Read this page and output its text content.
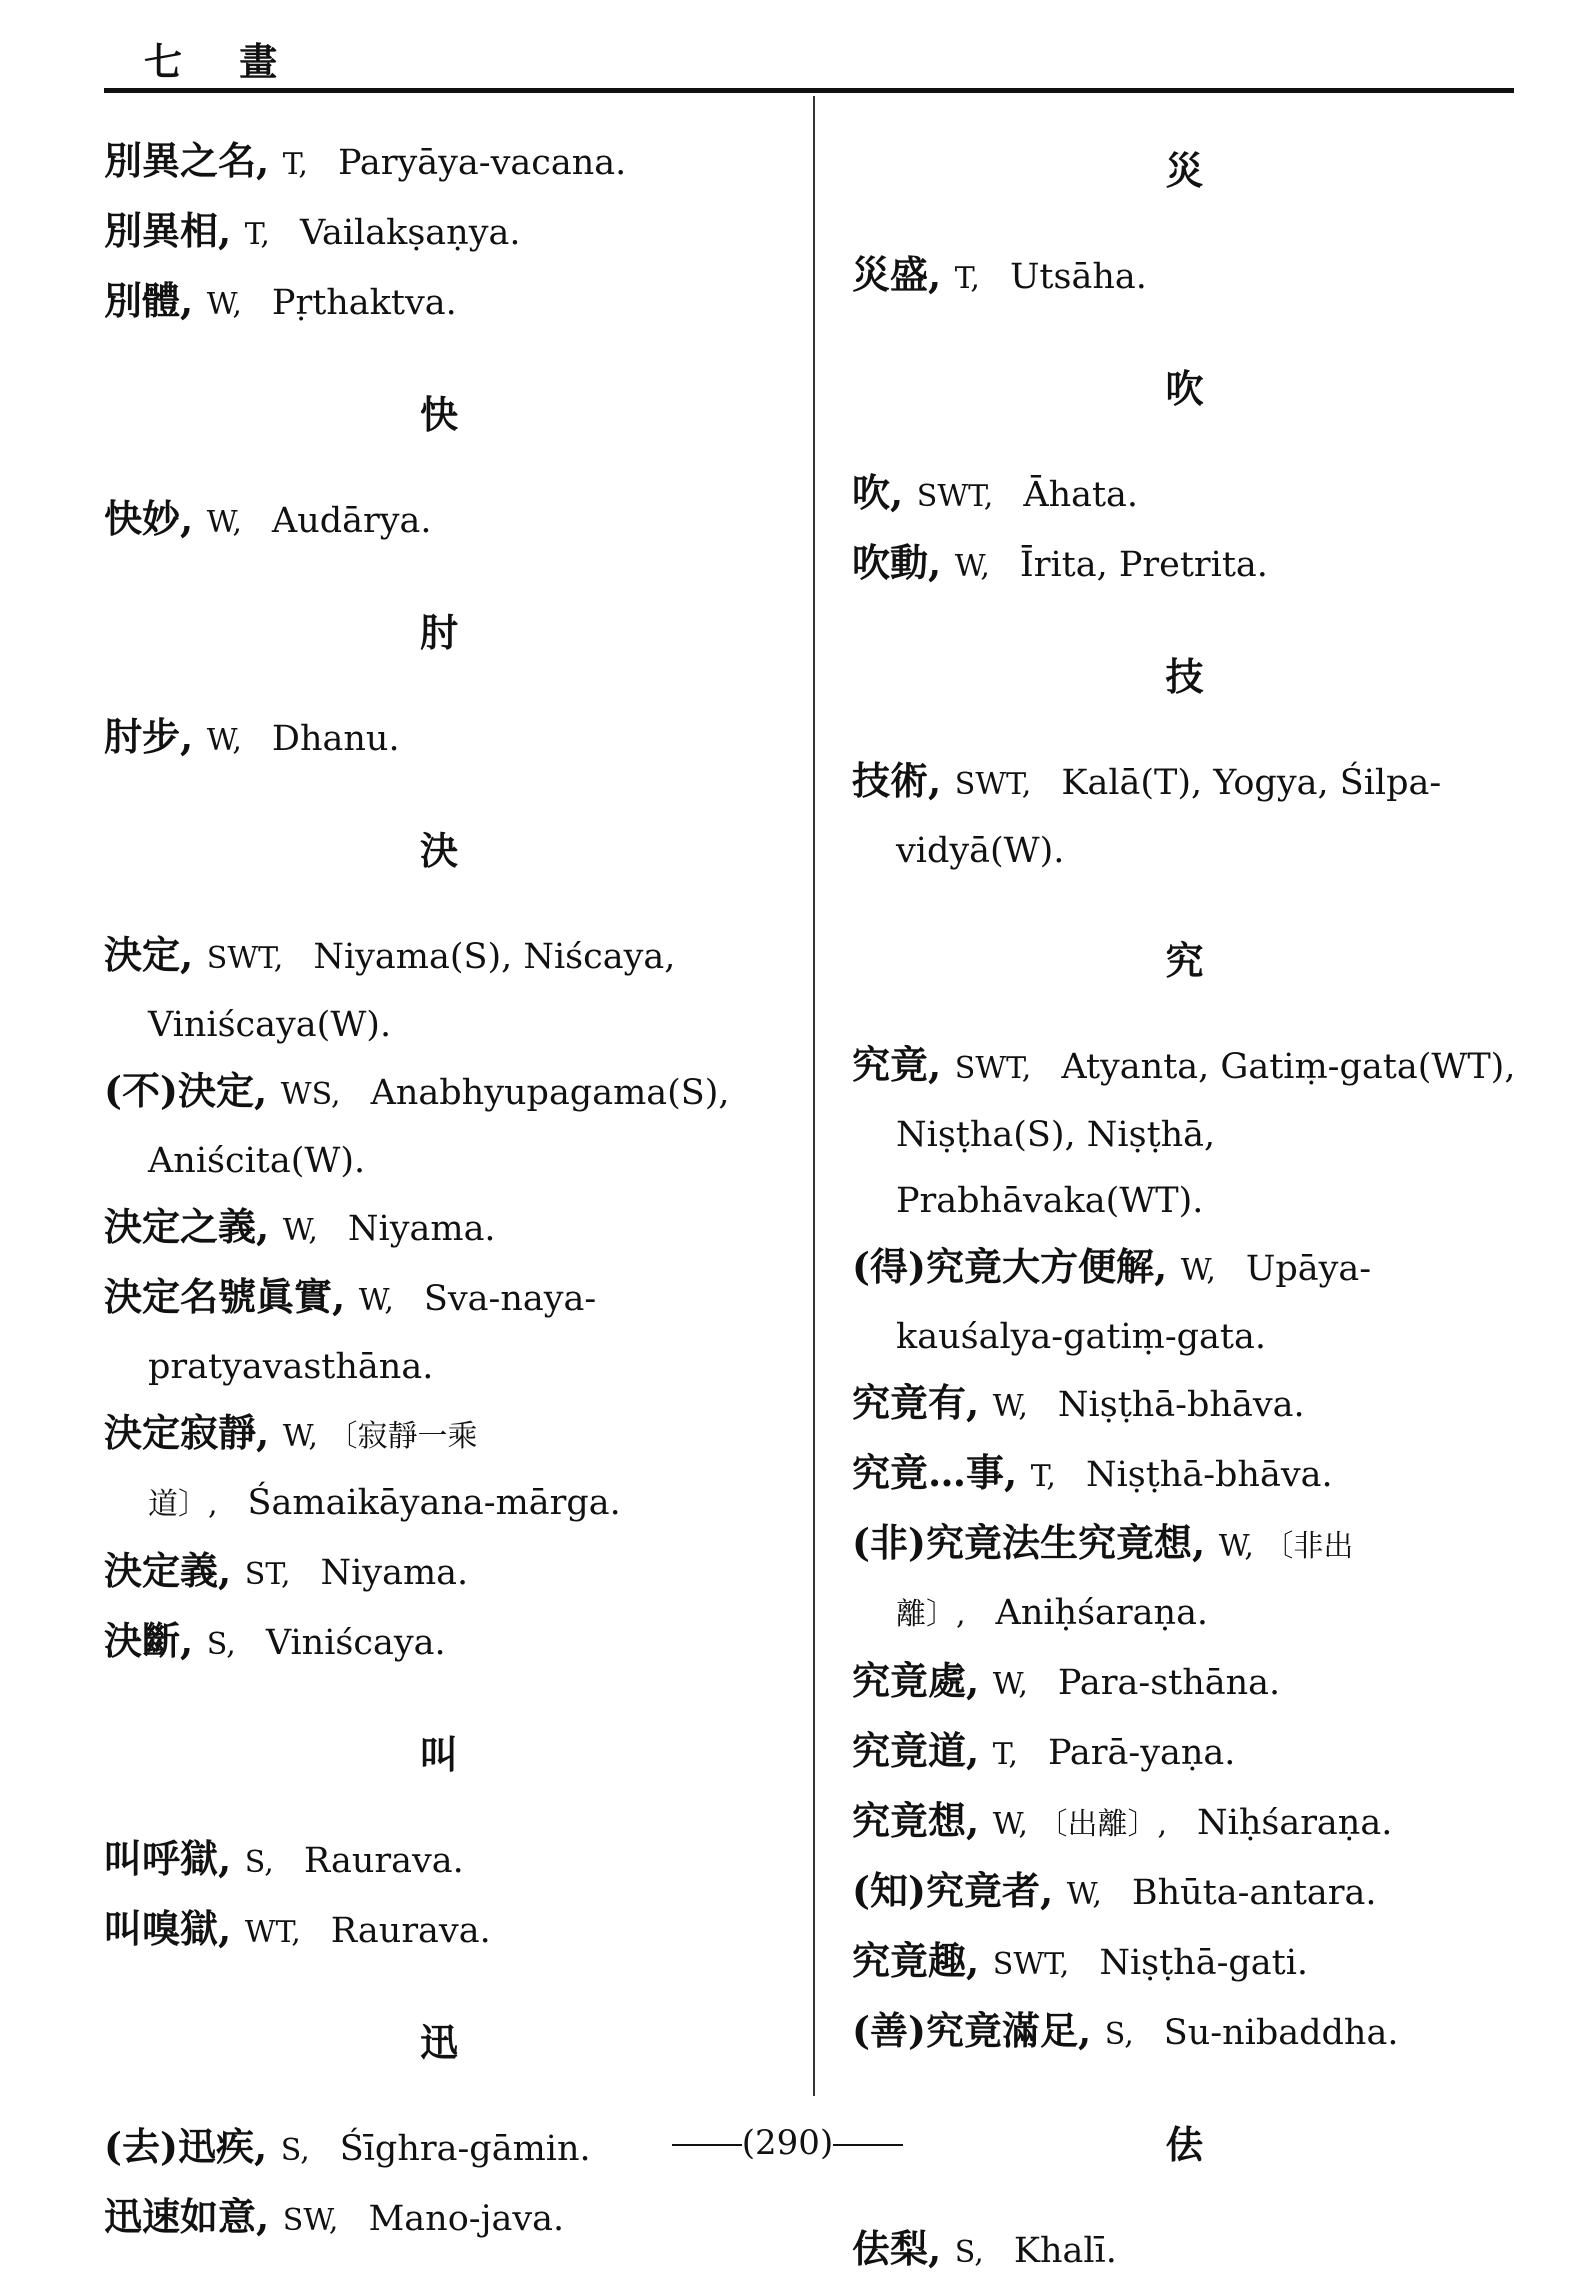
七 畫
別異之名, T, Paryāya-vacana.
別異相, T, Vailakṣaṇya.
別體, W, Pṛthaktva.
快
快妙, W, Audārya.
肘
肘步, W, Dhanu.
決
決定, SWT, Niyama(S), Niścaya, Viniścaya(W).
(不)決定, WS, Anabhyupagama(S), Aniścita(W).
決定之義, W, Niyama.
決定名號眞實, W, Sva-naya-pratyavasthāna.
決定寂靜, W, 〔寂靜一乘道〕, Śamaikāyana-mārga.
決定義, ST, Niyama.
決斷, S, Viniścaya.
叫
叫呼獄, S, Raurava.
叫嗅獄, WT, Raurava.
迅
(去)迅疾, S, Śīghra-gāmin.
迅速如意, SW, Mano-java.
災
災盛, T, Utsāha.
吹
吹, SWT, Āhata.
吹動, W, Īrita, Pretrita.
技
技術, SWT, Kalā(T), Yogya, Śilpa-vidyā(W).
究
究竟, SWT, Atyanta, Gatiṃ-gata(WT), Niṣṭha(S), Niṣṭhā, Prabhāvaka(WT).
(得)究竟大方便解, W, Upāya-kauśalya-gatiṃ-gata.
究竟有, W, Niṣṭhā-bhāva.
究竟…事, T, Niṣṭhā-bhāva.
(非)究竟法生究竟想, W, 〔非出離〕, Aniḥśaraṇa.
究竟處, W, Para-sthāna.
究竟道, T, Parā-yaṇa.
究竟想, W, 〔出離〕, Niḥśaraṇa.
(知)究竟者, W, Bhūta-antara.
究竟趣, SWT, Niṣṭhā-gati.
(善)究竟滿足, S, Su-nibaddha.
佉
佉梨, S, Khalī.
(290)
